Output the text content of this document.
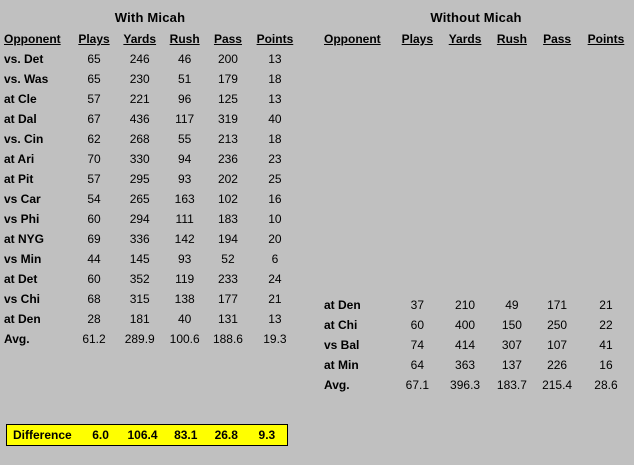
With Micah
Opponent	Plays	Yards	Rush	Pass	Points
vs. Det	65	246	46	200	13
vs. Was	65	230	51	179	18
at Cle	57	221	96	125	13
at Dal	67	436	117	319	40
vs. Cin	62	268	55	213	18
at Ari	70	330	94	236	23
at Pit	57	295	93	202	25
vs Car	54	265	163	102	16
vs Phi	60	294	111	183	10
at NYG	69	336	142	194	20
vs Min	44	145	93	52	6
at Det	60	352	119	233	24
vs Chi	68	315	138	177	21
at Den	28	181	40	131	13
Avg.	61.2	289.9	100.6	188.6	19.3
Without Micah
Opponent	Plays	Yards	Rush	Pass	Points

at Den	37	210	49	171	21
at Chi	60	400	150	250	22
vs Bal	74	414	307	107	41
at Min	64	363	137	226	16
Avg.	67.1	396.3	183.7	215.4	28.6
Difference	6.0	106.4	83.1	26.8	9.3
